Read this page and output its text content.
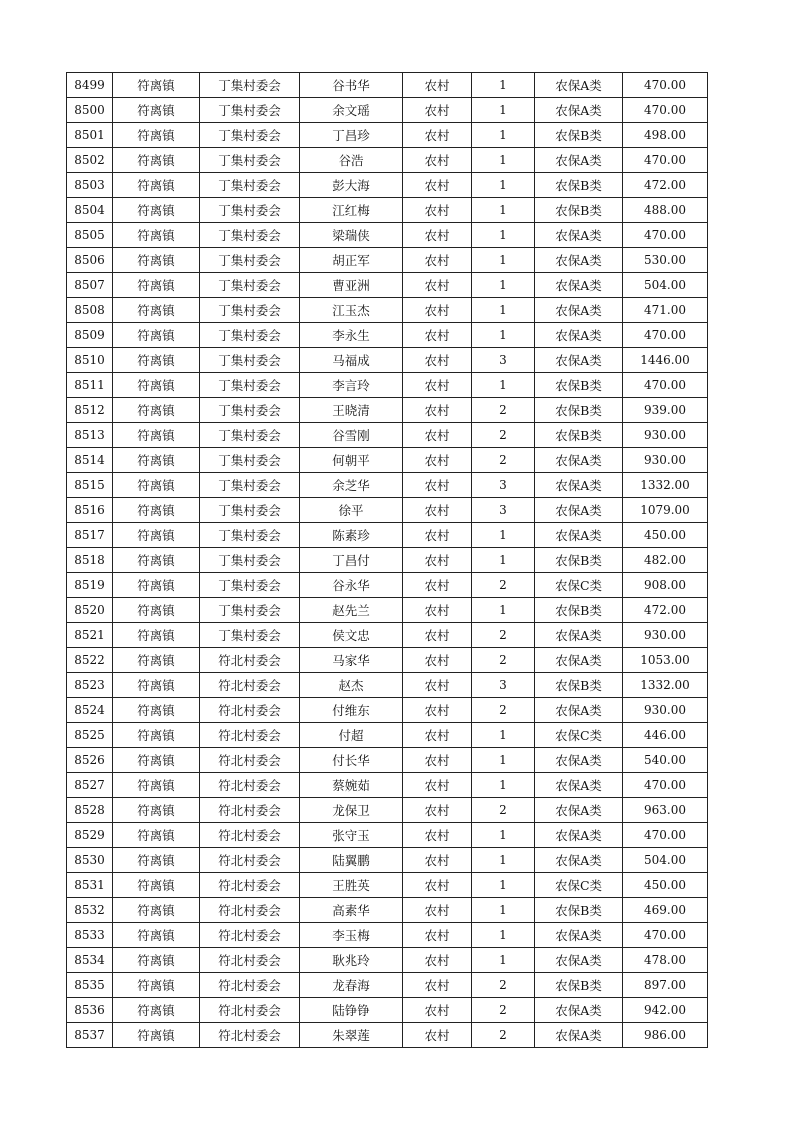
8499	符离镇	丁集村委会	谷书华	农村	1	农保A类	470.00
8500	符离镇	丁集村委会	余文瑶	农村	1	农保A类	470.00
8501	符离镇	丁集村委会	丁昌珍	农村	1	农保B类	498.00
8502	符离镇	丁集村委会	谷浩	农村	1	农保A类	470.00
8503	符离镇	丁集村委会	彭大海	农村	1	农保B类	472.00
8504	符离镇	丁集村委会	江红梅	农村	1	农保B类	488.00
8505	符离镇	丁集村委会	梁瑞侠	农村	1	农保A类	470.00
8506	符离镇	丁集村委会	胡正军	农村	1	农保A类	530.00
8507	符离镇	丁集村委会	曹亚洲	农村	1	农保A类	504.00
8508	符离镇	丁集村委会	江玉杰	农村	1	农保A类	471.00
8509	符离镇	丁集村委会	李永生	农村	1	农保A类	470.00
8510	符离镇	丁集村委会	马福成	农村	3	农保A类	1446.00
8511	符离镇	丁集村委会	李言玲	农村	1	农保B类	470.00
8512	符离镇	丁集村委会	王晓清	农村	2	农保B类	939.00
8513	符离镇	丁集村委会	谷雪刚	农村	2	农保B类	930.00
8514	符离镇	丁集村委会	何朝平	农村	2	农保A类	930.00
8515	符离镇	丁集村委会	余芝华	农村	3	农保A类	1332.00
8516	符离镇	丁集村委会	徐平	农村	3	农保A类	1079.00
8517	符离镇	丁集村委会	陈素珍	农村	1	农保A类	450.00
8518	符离镇	丁集村委会	丁昌付	农村	1	农保B类	482.00
8519	符离镇	丁集村委会	谷永华	农村	2	农保C类	908.00
8520	符离镇	丁集村委会	赵先兰	农村	1	农保B类	472.00
8521	符离镇	丁集村委会	侯文忠	农村	2	农保A类	930.00
8522	符离镇	符北村委会	马家华	农村	2	农保A类	1053.00
8523	符离镇	符北村委会	赵杰	农村	3	农保B类	1332.00
8524	符离镇	符北村委会	付维东	农村	2	农保A类	930.00
8525	符离镇	符北村委会	付超	农村	1	农保C类	446.00
8526	符离镇	符北村委会	付长华	农村	1	农保A类	540.00
8527	符离镇	符北村委会	蔡婉茹	农村	1	农保A类	470.00
8528	符离镇	符北村委会	龙保卫	农村	2	农保A类	963.00
8529	符离镇	符北村委会	张守玉	农村	1	农保A类	470.00
8530	符离镇	符北村委会	陆翼鹏	农村	1	农保A类	504.00
8531	符离镇	符北村委会	王胜英	农村	1	农保C类	450.00
8532	符离镇	符北村委会	高素华	农村	1	农保B类	469.00
8533	符离镇	符北村委会	李玉梅	农村	1	农保A类	470.00
8534	符离镇	符北村委会	耿兆玲	农村	1	农保A类	478.00
8535	符离镇	符北村委会	龙春海	农村	2	农保B类	897.00
8536	符离镇	符北村委会	陆铮铮	农村	2	农保A类	942.00
8537	符离镇	符北村委会	朱翠莲	农村	2	农保A类	986.00
